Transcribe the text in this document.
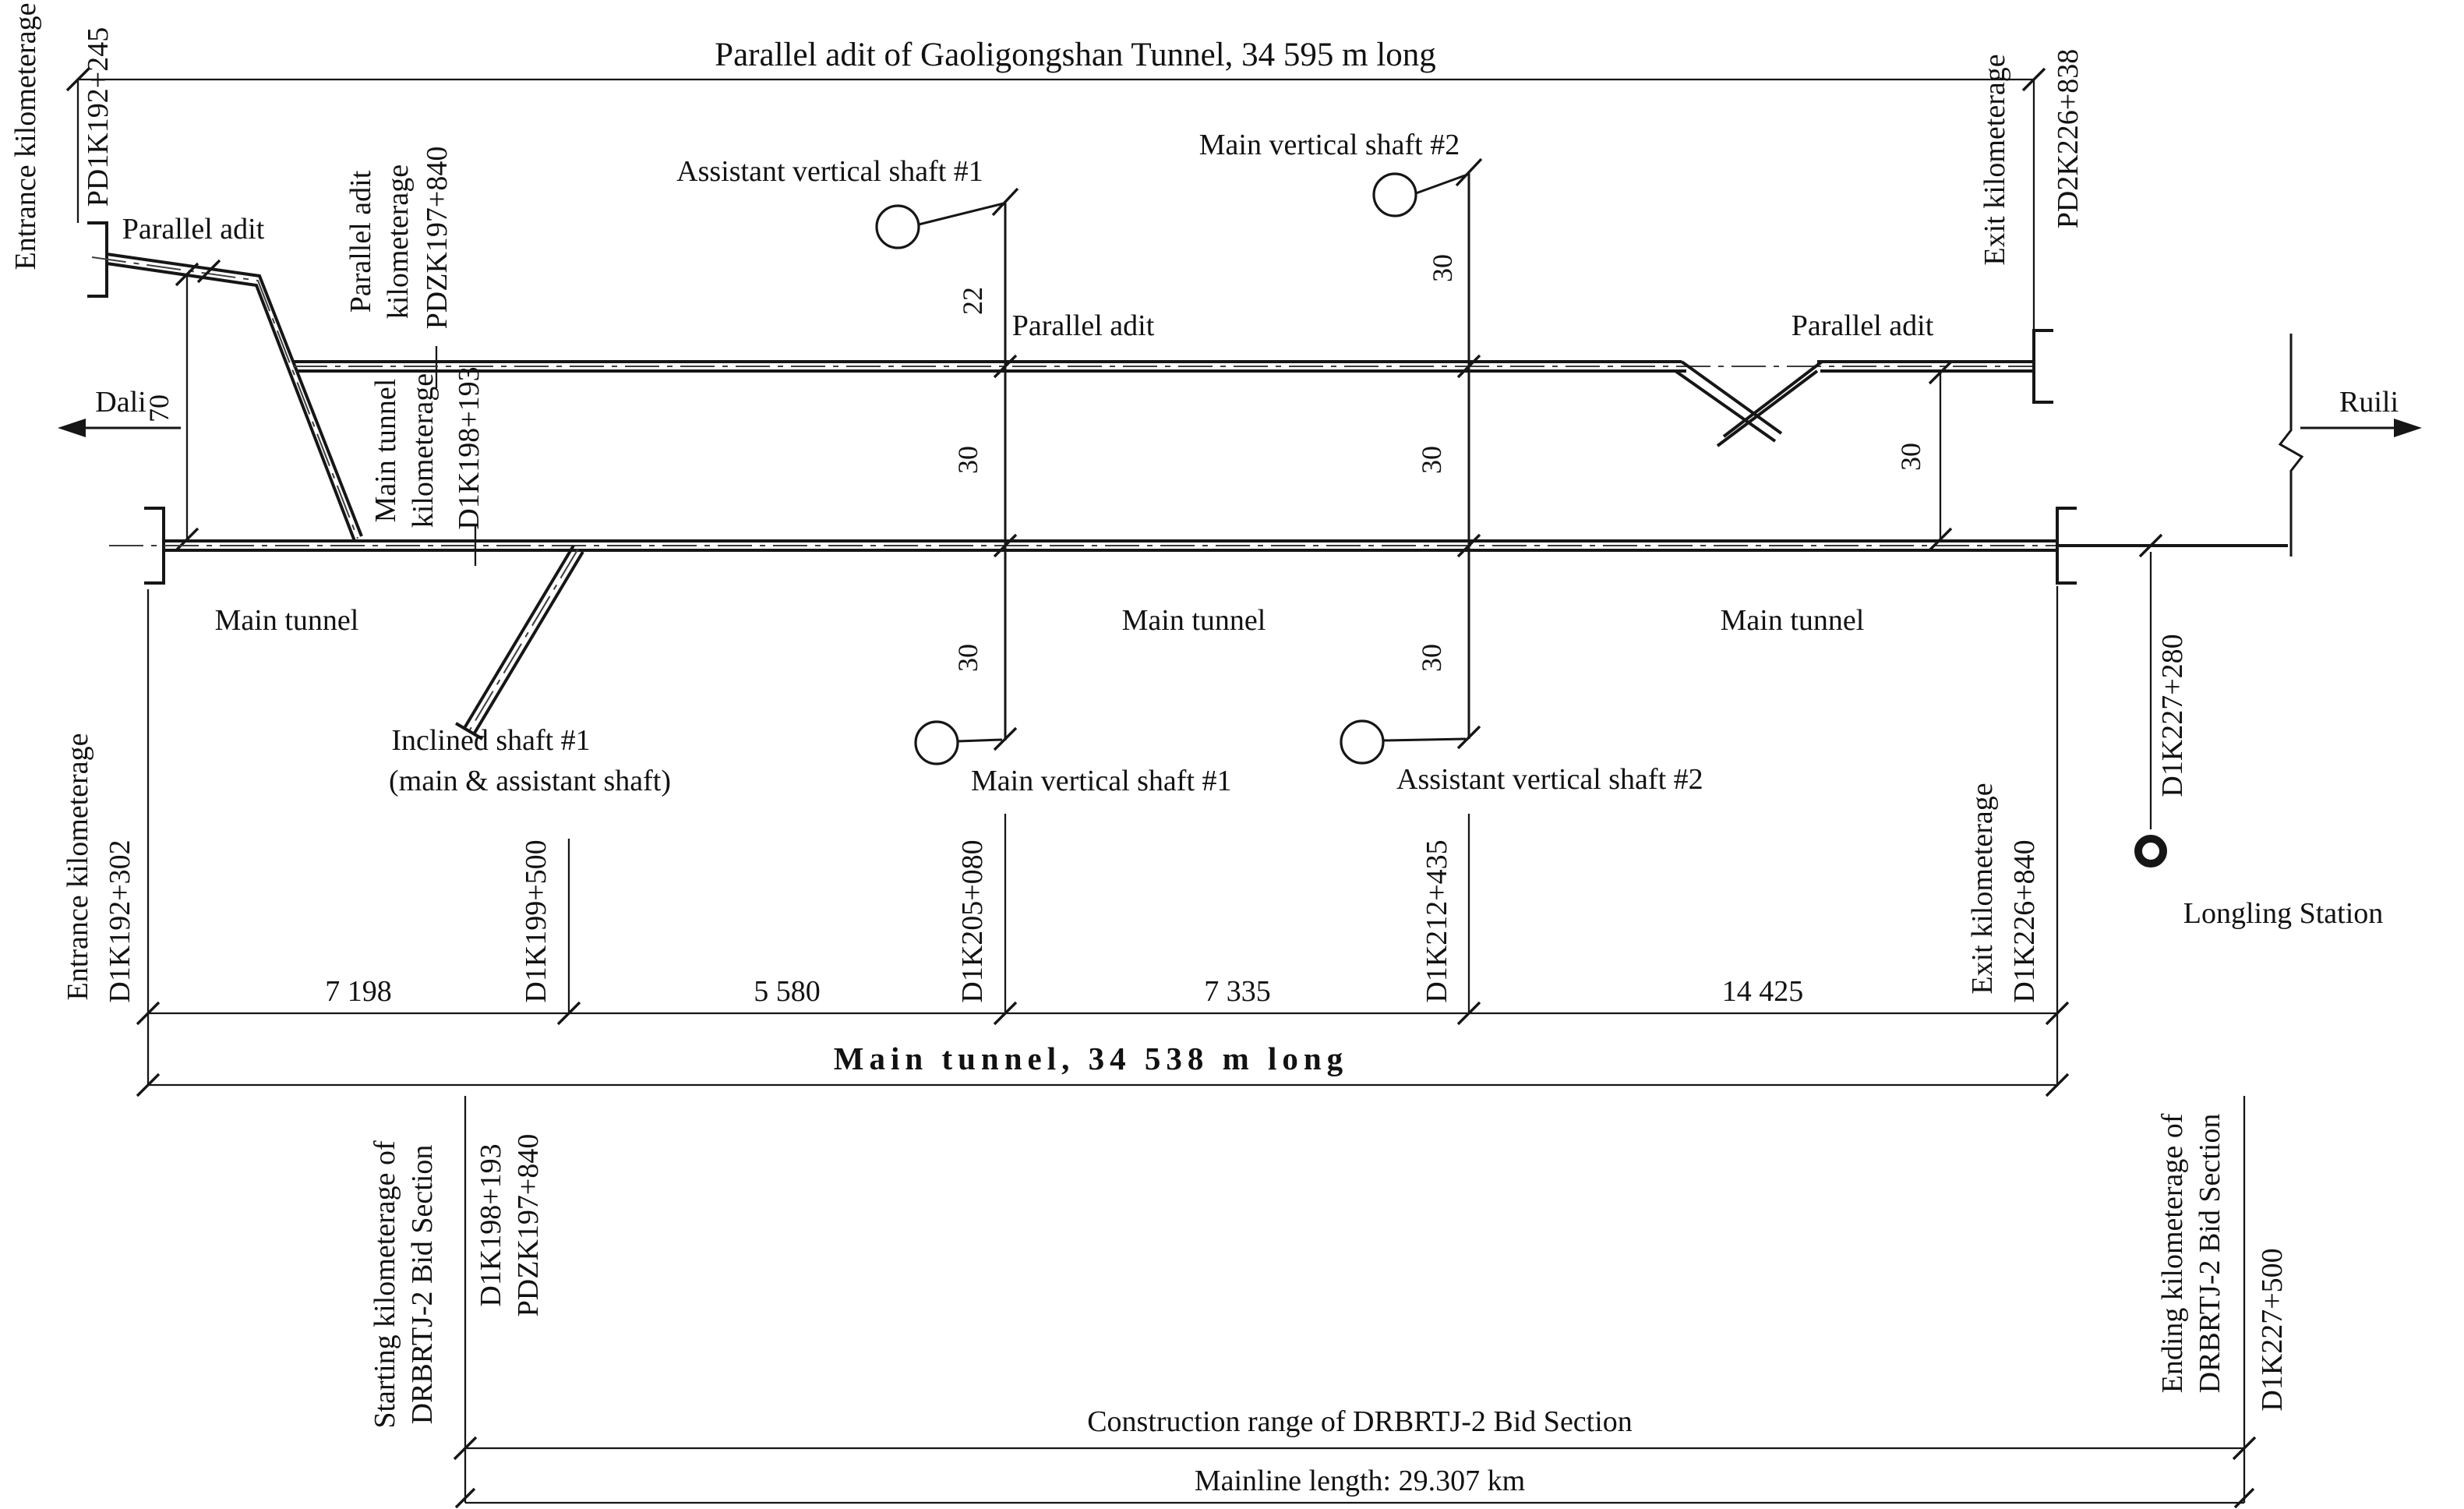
Parallel adit of Gaoligongshan Tunnel, 34 595 m long
Entrance kilometerage PD1K192+245	Exit kilometerage PD2K226+838
Parallel adit
Dali
70
Parallel adit kilometerage PDZK197+840
Main tunnel kilometerage D1K198+193
Parallel adit	Parallel adit
Main tunnel	Main tunnel	Main tunnel
Ruili
Inclined shaft #1
(main & assistant shaft)
22
30
30
Assistant vertical shaft #1
Main vertical shaft #1
30
30
30
Main vertical shaft #2
Assistant vertical shaft #2
30
Entrance kilometerage D1K192+302	D1K199+500	D1K205+080	D1K212+435	Exit kilometerage D1K226+840
7 198	5 580	7 335	14 425
Main tunnel, 34 538 m long
D1K227+280
Longling Station
Starting kilometerage of DRBRTJ-2 Bid Section D1K198+193 PDZK197+840	Ending kilometerage of DRBRTJ-2 Bid Section D1K227+500
Construction range of DRBRTJ-2 Bid Section
Mainline length: 29.307 km
